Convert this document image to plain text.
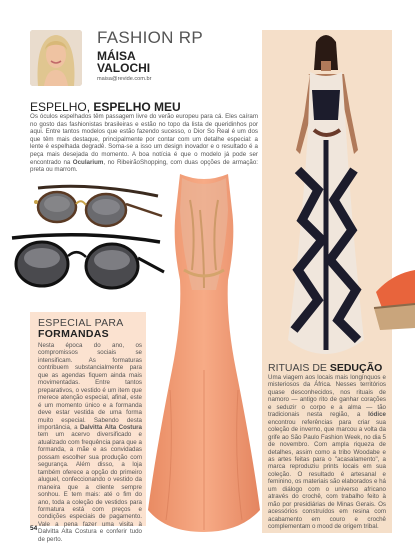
FASHION RP
MÁISA
VALOCHI
maisa@revide.com.br
ESPELHO, ESPELHO MEU
Os óculos espelhados têm passagem livre do verão europeu para cá. Eles caíram no gosto das fashionistas brasileiras e estão no topo da lista de queridinhos por aqui. Entre tantos modelos que estão fazendo sucesso, o Dior So Real é um dos que têm mais destaque, principalmente por contar com um detalhe especial: a lente é espelhada degradê. Soma-se a isso um design inovador e o resultado é a peça mais desejada do momento. A boa notícia é que o modelo já pode ser encontrado na Ocularium, no RibeirãoShopping, com duas opções de armação: preta ou marrom.
ESPECIAL PARA
FORMANDAS
Nesta época do ano, os compromissos sociais se intensificam. As formaturas contribuem substancialmente para que as agendas fiquem ainda mais movimentadas. Entre tantos preparativos, o vestido é um item que merece atenção especial, afinal, este é um momento único e a formanda deve estar vestida de uma forma muito especial. Sabendo desta importância, a Dalvitta Alta Costura tem um acervo diversificado e atualizado com frequência para que a formanda, a mãe e as convidadas possam escolher sua produção com segurança. Além disso, a loja também oferece a opção do primeiro aluguel, confeccionando o vestido da maneira que a cliente sempre sonhou. E tem mais: até o fim do ano, toda a coleção de vestidos para formatura está com preços e condições especiais de pagamento. Vale a pena fazer uma visita à Dalvitta Alta Costura e conferir tudo de perto.
RITUAIS DE SEDUÇÃO
Uma viagem aos locais mais longínquos e misteriosos da África. Nesses territórios quase desconhecidos, nos rituais de namoro — antigo rito de ganhar corações e seduzir o corpo e a alma — tão tradicionais nesta região, a Iódice encontrou referências para criar sua coleção de inverno, que marcou a volta da grife ao São Paulo Fashion Week, no dia 5 de novembro. Com ampla riqueza de detalhes, assim como a tribo Woodabe e as artes feitas para o "acasalamento", a marca reproduziu prints locais em sua coleção. O resultado é artesanal e feminino, os materiais são elaborados e há um diálogo com o universo africano através do crochê, com trabalho feito à mão por presidiárias de Minas Gerais. Os acessórios construídos em resina com acabamento em couro e crochê complementam o mood de origem tribal.
54
